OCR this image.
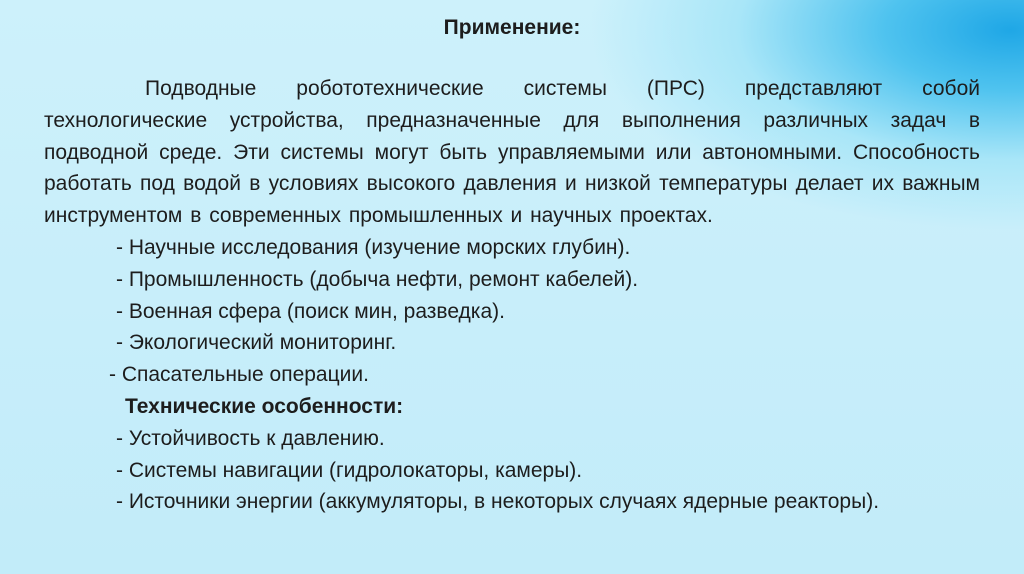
Применение:

Подводные робототехнические системы (ПРС) представляют собой технологические устройства, предназначенные для выполнения различных задач в подводной среде. Эти системы могут быть управляемыми или автономными. Способность работать под водой в условиях высокого давления и низкой температуры делает их важным инструментом в современных промышленных и научных проектах.

- Научные исследования (изучение морских глубин).

- Промышленность (добыча нефти, ремонт кабелей).

- Военная сфера (поиск мин, разведка).

- Экологический мониторинг.

- Спасательные операции.

Технические особенности:

- Устойчивость к давлению.

- Системы навигации (гидролокаторы, камеры).

- Источники энергии (аккумуляторы, в некоторых случаях ядерные реакторы).
